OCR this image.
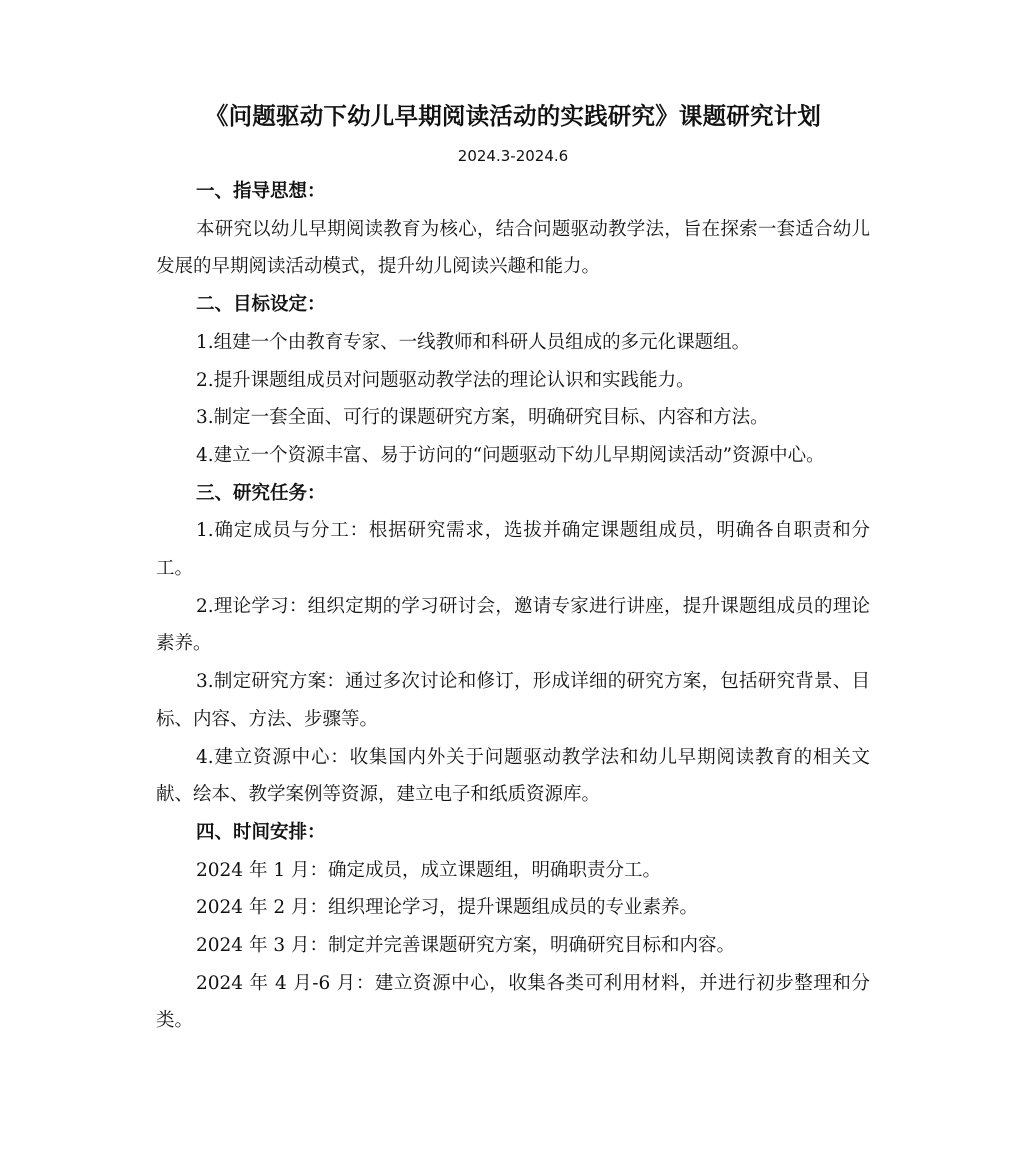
《问题驱动下幼儿早期阅读活动的实践研究》课题研究计划
2024.3-2024.6
一、指导思想：

本研究以幼儿早期阅读教育为核心，结合问题驱动教学法，旨在探索一套适合幼儿发展的早期阅读活动模式，提升幼儿阅读兴趣和能力。

二、目标设定：

1.组建一个由教育专家、一线教师和科研人员组成的多元化课题组。

2.提升课题组成员对问题驱动教学法的理论认识和实践能力。

3.制定一套全面、可行的课题研究方案，明确研究目标、内容和方法。

4.建立一个资源丰富、易于访问的“问题驱动下幼儿早期阅读活动”资源中心。

三、研究任务：

1.确定成员与分工：根据研究需求，选拔并确定课题组成员，明确各自职责和分工。

2.理论学习：组织定期的学习研讨会，邀请专家进行讲座，提升课题组成员的理论素养。

3.制定研究方案：通过多次讨论和修订，形成详细的研究方案，包括研究背景、目标、内容、方法、步骤等。

4.建立资源中心：收集国内外关于问题驱动教学法和幼儿早期阅读教育的相关文献、绘本、教学案例等资源，建立电子和纸质资源库。

四、时间安排：

2024 年 1 月：确定成员，成立课题组，明确职责分工。

2024 年 2 月：组织理论学习，提升课题组成员的专业素养。

2024 年 3 月：制定并完善课题研究方案，明确研究目标和内容。

2024 年 4 月-6 月：建立资源中心，收集各类可利用材料，并进行初步整理和分类。
